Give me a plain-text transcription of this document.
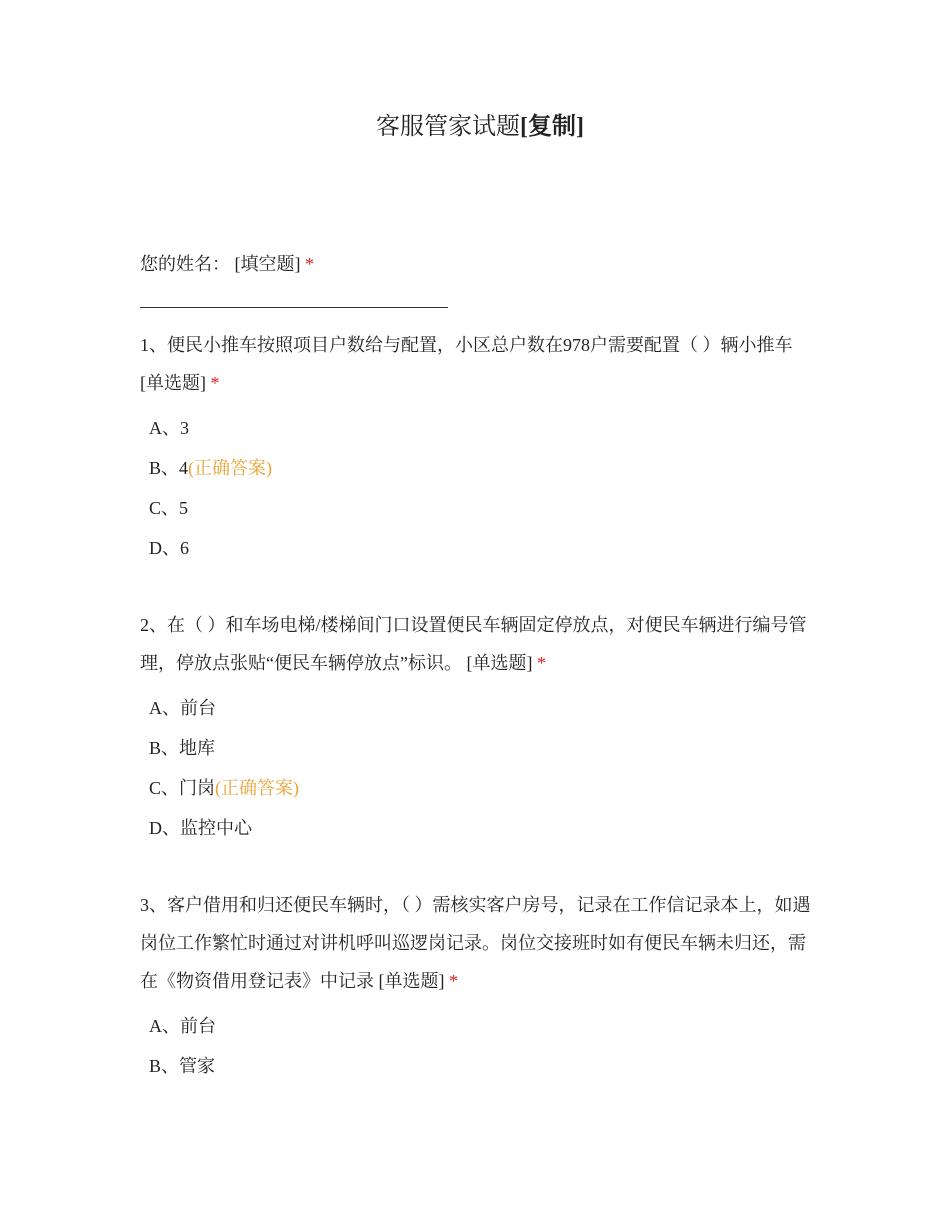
客服管家试题[复制]

您的姓名： [填空题] *

1、便民小推车按照项目户数给与配置，小区总户数在978户需要配置（ ）辆小推车 [单选题] *

A、3
B、4(正确答案)
C、5
D、6

2、在（ ）和车场电梯/楼梯间门口设置便民车辆固定停放点，对便民车辆进行编号管理，停放点张贴“便民车辆停放点”标识。 [单选题] *

A、前台
B、地库
C、门岗(正确答案)
D、监控中心

3、客户借用和归还便民车辆时，（ ）需核实客户房号，记录在工作信记录本上，如遇岗位工作繁忙时通过对讲机呼叫巡逻岗记录。岗位交接班时如有便民车辆未归还，需在《物资借用登记表》中记录 [单选题] *

A、前台
B、管家
